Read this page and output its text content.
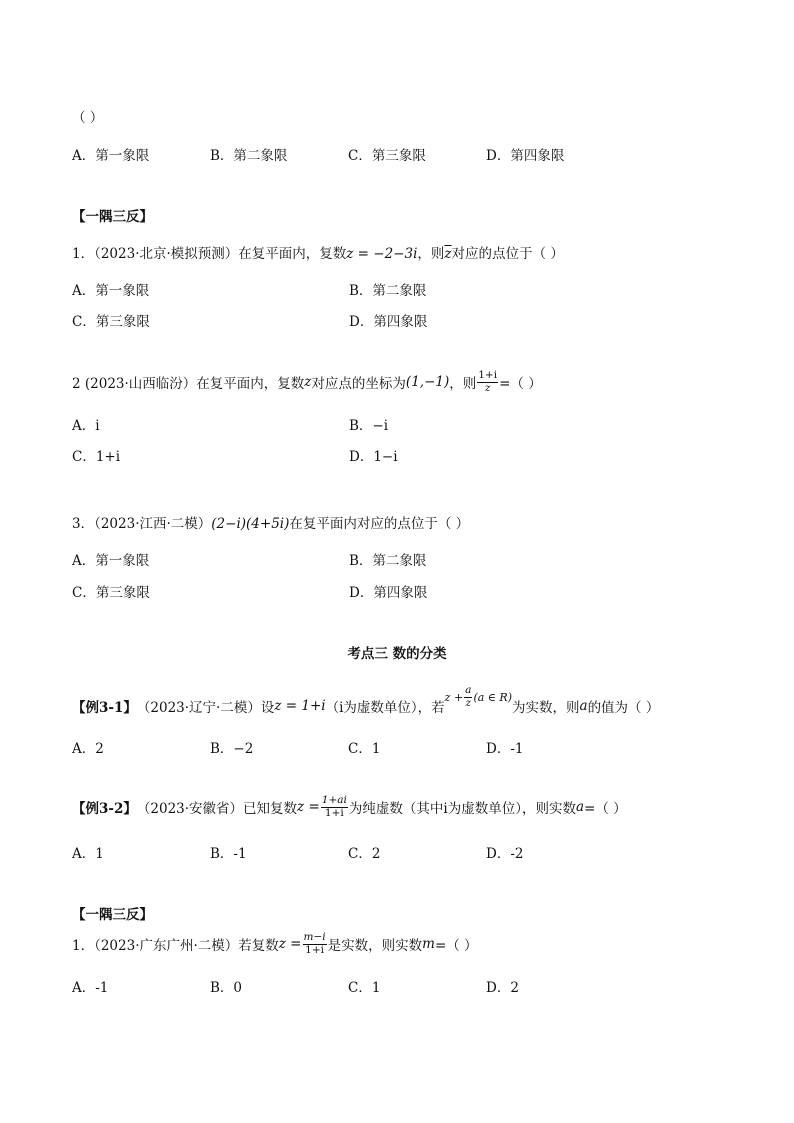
（ ）
A．第一象限	B．第二象限	C．第三象限	D．第四象限
【一隅三反】
1．（2023·北京·模拟预测）在复平面内，复数z = −2−3i，则$\overline{z}$对应的点位于（ ）
A．第一象限	B．第二象限
C．第三象限	D．第四象限
2 (2023·山西临汾）在复平面内，复数 z 对应点的坐标为 (1,−1) ，则 $\frac{1+i}{z}$ =（ ）
A．i	B．−i
C．1+i	D．1−i
3．（2023·江西·二模）(2−i)(4+5i)在复平面内对应的点位于（ ）
A．第一象限	B．第二象限
C．第三象限	D．第四象限
考点三 数的分类
【例3-1】 （2023·辽宁·二模）设 z = 1+i （i为虚数单位），若
$z + \frac{a}{z} (a$ ∈ R)
为实数，则 a 的值为（ ）
A．2	B．−2	C．1	D．-1
【例3-2】 （2023·安徽省）已知复数 $z = \frac{1+ai}{1+i}$ 为纯虚数（其中i为虚数单位），则实数 a =（ ）
A．1	B．-1	C．2	D．-2
【一隅三反】
1．（2023·广东广州·二模）若复数 $z = \frac{m-i}{1+i}$ 是实数，则实数 m =（ ）
A．-1	B．0	C．1	D．2
